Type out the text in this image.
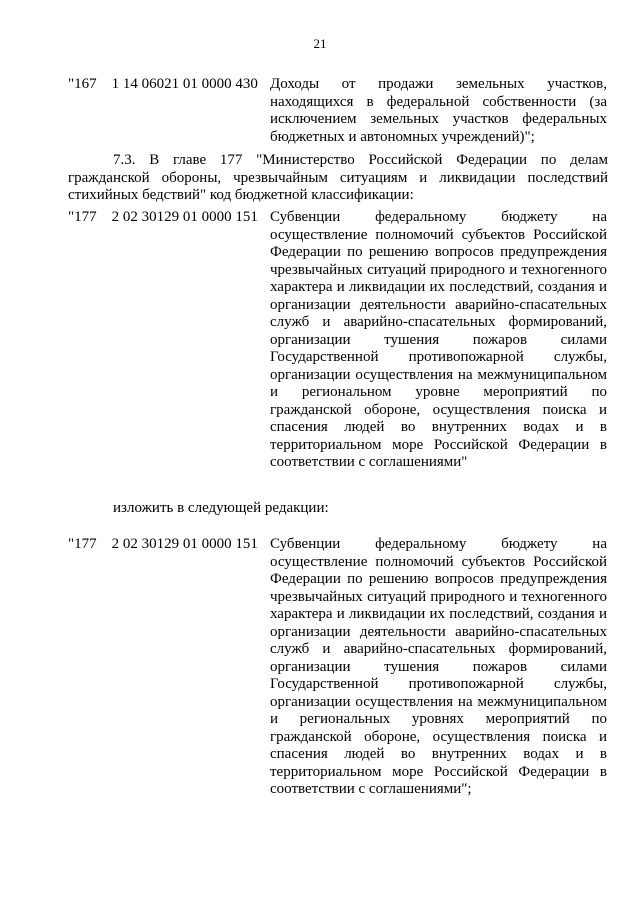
21
"167    1 14 06021 01 0000 430 Доходы от продажи земельных участков, находящихся в федеральной собственности (за исключением земельных участков федеральных бюджетных и автономных учреждений)";
7.3. В главе 177 "Министерство Российской Федерации по делам гражданской обороны, чрезвычайным ситуациям и ликвидации последствий стихийных бедствий" код бюджетной классификации:
"177    2 02 30129 01 0000 151 Субвенции федеральному бюджету на осуществление полномочий субъектов Российской Федерации по решению вопросов предупреждения чрезвычайных ситуаций природного и техногенного характера и ликвидации их последствий, создания и организации деятельности аварийно-спасательных служб и аварийно-спасательных формирований, организации тушения пожаров силами Государственной противопожарной службы, организации осуществления на межмуниципальном и региональном уровне мероприятий по гражданской обороне, осуществления поиска и спасения людей во внутренних водах и в территориальном море Российской Федерации в соответствии с соглашениями"
изложить в следующей редакции:
"177    2 02 30129 01 0000 151 Субвенции федеральному бюджету на осуществление полномочий субъектов Российской Федерации по решению вопросов предупреждения чрезвычайных ситуаций природного и техногенного характера и ликвидации их последствий, создания и организации деятельности аварийно-спасательных служб и аварийно-спасательных формирований, организации тушения пожаров силами Государственной противопожарной службы, организации осуществления на межмуниципальном и региональных уровнях мероприятий по гражданской обороне, осуществления поиска и спасения людей во внутренних водах и в территориальном море Российской Федерации в соответствии с соглашениями";
